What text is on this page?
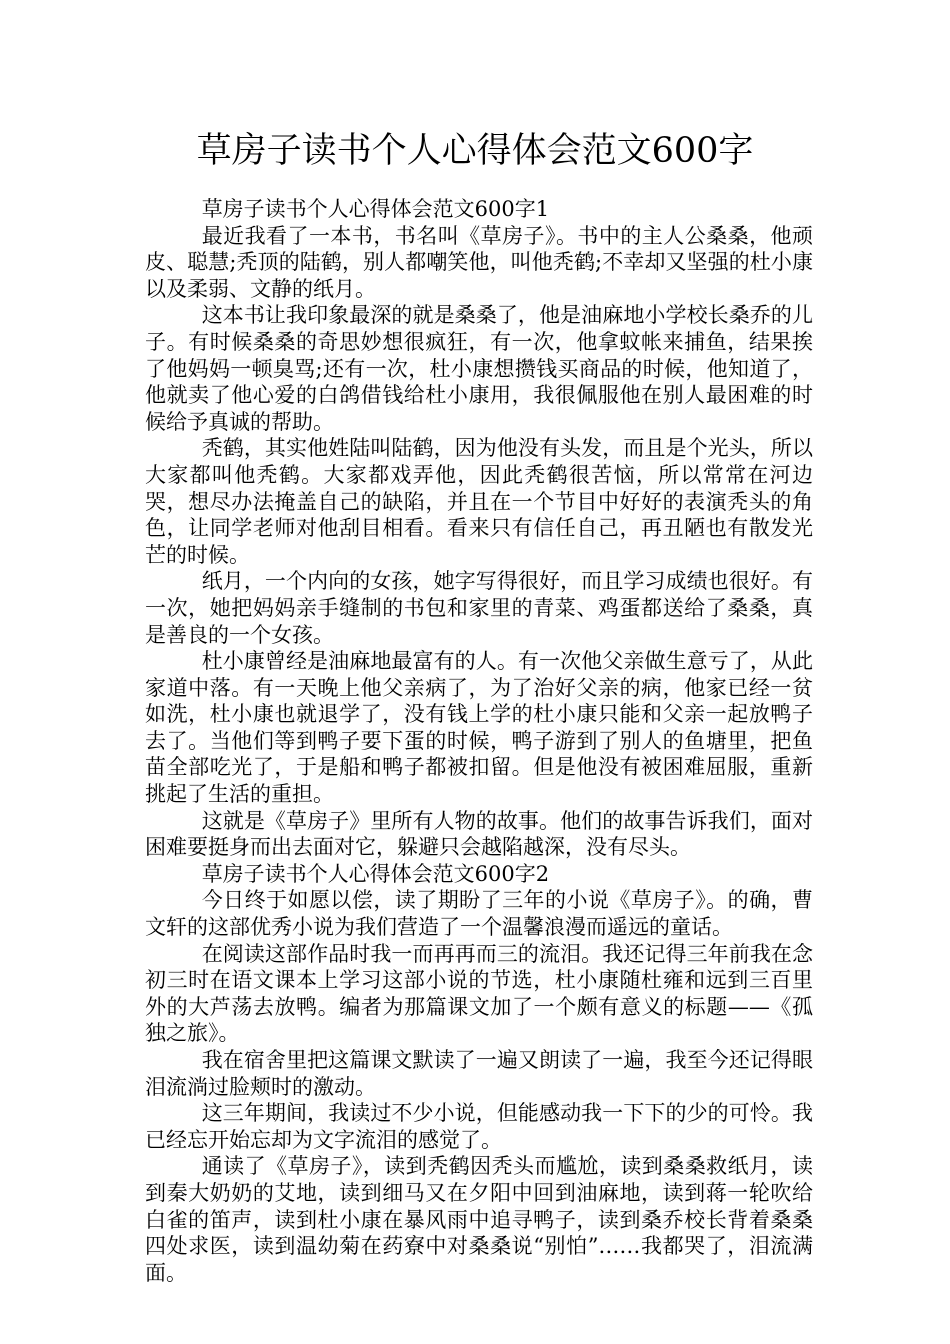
草房子读书个人心得体会范文600字

草房子读书个人心得体会范文600字1

最近我看了一本书，书名叫《草房子》。书中的主人公桑桑，他顽皮、聪慧;秃顶的陆鹤，别人都嘲笑他，叫他秃鹤;不幸却又坚强的杜小康以及柔弱、文静的纸月。

这本书让我印象最深的就是桑桑了，他是油麻地小学校长桑乔的儿子。有时候桑桑的奇思妙想很疯狂，有一次，他拿蚊帐来捕鱼，结果挨了他妈妈一顿臭骂;还有一次，杜小康想攒钱买商品的时候，他知道了，他就卖了他心爱的白鸽借钱给杜小康用，我很佩服他在别人最困难的时候给予真诚的帮助。

秃鹤，其实他姓陆叫陆鹤，因为他没有头发，而且是个光头，所以大家都叫他秃鹤。大家都戏弄他，因此秃鹤很苦恼，所以常常在河边哭，想尽办法掩盖自己的缺陷，并且在一个节目中好好的表演秃头的角色，让同学老师对他刮目相看。看来只有信任自己，再丑陋也有散发光芒的时候。

纸月，一个内向的女孩，她字写得很好，而且学习成绩也很好。有一次，她把妈妈亲手缝制的书包和家里的青菜、鸡蛋都送给了桑桑，真是善良的一个女孩。

杜小康曾经是油麻地最富有的人。有一次他父亲做生意亏了，从此家道中落。有一天晚上他父亲病了，为了治好父亲的病，他家已经一贫如洗，杜小康也就退学了，没有钱上学的杜小康只能和父亲一起放鸭子去了。当他们等到鸭子要下蛋的时候，鸭子游到了别人的鱼塘里，把鱼苗全部吃光了，于是船和鸭子都被扣留。但是他没有被困难屈服，重新挑起了生活的重担。

这就是《草房子》里所有人物的故事。他们的故事告诉我们，面对困难要挺身而出去面对它，躲避只会越陷越深，没有尽头。

草房子读书个人心得体会范文600字2

今日终于如愿以偿，读了期盼了三年的小说《草房子》。的确，曹文轩的这部优秀小说为我们营造了一个温馨浪漫而遥远的童话。

在阅读这部作品时我一而再再而三的流泪。我还记得三年前我在念初三时在语文课本上学习这部小说的节选，杜小康随杜雍和远到三百里外的大芦荡去放鸭。编者为那篇课文加了一个颇有意义的标题——《孤独之旅》。

我在宿舍里把这篇课文默读了一遍又朗读了一遍，我至今还记得眼泪流淌过脸颊时的激动。

这三年期间，我读过不少小说，但能感动我一下下的少的可怜。我已经忘开始忘却为文字流泪的感觉了。

通读了《草房子》，读到秃鹤因秃头而尴尬，读到桑桑救纸月，读到秦大奶奶的艾地，读到细马又在夕阳中回到油麻地，读到蒋一轮吹给白雀的笛声，读到杜小康在暴风雨中追寻鸭子，读到桑乔校长背着桑桑四处求医，读到温幼菊在药寮中对桑桑说“别怕”……我都哭了，泪流满面。
